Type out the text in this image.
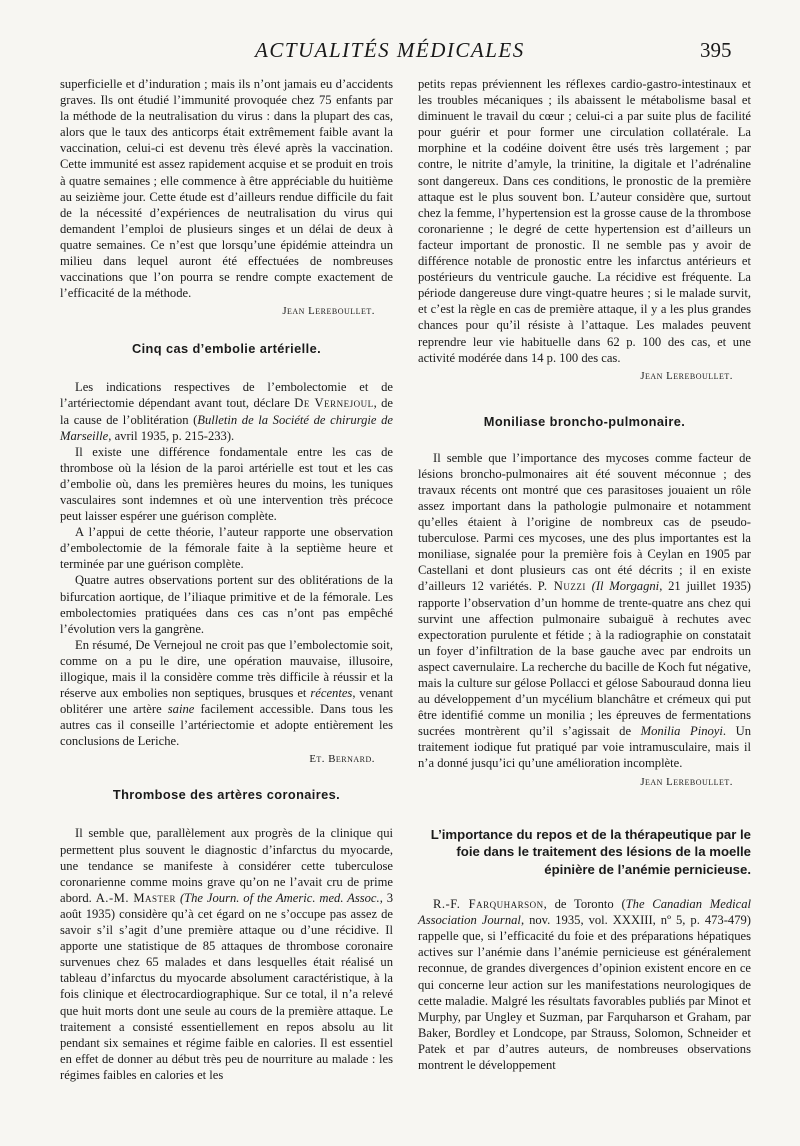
ACTUALITÉS MÉDICALES	395

superficielle et d’induration ; mais ils n’ont jamais eu d’accidents graves. Ils ont étudié l’immunité provoquée chez 75 enfants par la méthode de la neutralisation du virus : dans la plupart des cas, alors que le taux des anticorps était extrêmement faible avant la vaccination, celui-ci est devenu très élevé après la vaccination. Cette immunité est assez rapidement acquise et se produit en trois à quatre semaines ; elle commence à être appréciable du huitième au seizième jour. Cette étude est d’ailleurs rendue difficile du fait de la nécessité d’expériences de neutralisation du virus qui demandent l’emploi de plusieurs singes et un délai de deux à quatre semaines. Ce n’est que lorsqu’une épidémie atteindra un milieu dans lequel auront été effectuées de nombreuses vaccinations que l’on pourra se rendre compte exactement de l’efficacité de la méthode.

Jean Lereboullet.
Cinq cas d’embolie artérielle.

Les indications respectives de l’embolectomie et de l’artériectomie dépendant avant tout, déclare De Vernejoul, de la cause de l’oblitération (Bulletin de la Société de chirurgie de Marseille, avril 1935, p. 215-233).

Il existe une différence fondamentale entre les cas de thrombose où la lésion de la paroi artérielle est tout et les cas d’embolie où, dans les premières heures du moins, les tuniques vasculaires sont indemnes et où une intervention très précoce peut laisser espérer une guérison complète.

A l’appui de cette théorie, l’auteur rapporte une observation d’embolectomie de la fémorale faite à la septième heure et terminée par une guérison complète.

Quatre autres observations portent sur des oblitérations de la bifurcation aortique, de l’iliaque primitive et de la fémorale. Les embolectomies pratiquées dans ces cas n’ont pas empêché l’évolution vers la gangrène.

En résumé, De Vernejoul ne croit pas que l’embolectomie soit, comme on a pu le dire, une opération mauvaise, illusoire, illogique, mais il la considère comme très difficile à réussir et la réserve aux embolies non septiques, brusques et récentes, venant oblitérer une artère saine facilement accessible. Dans tous les autres cas il conseille l’artériectomie et adopte entièrement les conclusions de Leriche.

Et. Bernard.
Thrombose des artères coronaires.

Il semble que, parallèlement aux progrès de la clinique qui permettent plus souvent le diagnostic d’infarctus du myocarde, une tendance se manifeste à considérer cette tuberculose coronarienne comme moins grave qu’on ne l’avait cru de prime abord. A.-M. Master (The Journ. of the Americ. med. Assoc., 3 août 1935) considère qu’à cet égard on ne s’occupe pas assez de savoir s’il s’agit d’une première attaque ou d’une récidive. Il apporte une statistique de 85 attaques de thrombose coronaire survenues chez 65 malades et dans lesquelles était réalisé un tableau d’infarctus du myocarde absolument caractéristique, à la fois clinique et électrocardiographique. Sur ce total, il n’a relevé que huit morts dont une seule au cours de la première attaque. Le traitement a consisté essentiellement en repos absolu au lit pendant six semaines et régime faible en calories. Il est essentiel en effet de donner au début très peu de nourriture au malade : les régimes faibles en calories et les

petits repas préviennent les réflexes cardio-gastro-intestinaux et les troubles mécaniques ; ils abaissent le métabolisme basal et diminuent le travail du cœur ; celui-ci a par suite plus de facilité pour guérir et pour former une circulation collatérale. La morphine et la codéine doivent être usés très largement ; par contre, le nitrite d’amyle, la trinitine, la digitale et l’adrénaline sont dangereux. Dans ces conditions, le pronostic de la première attaque est le plus souvent bon. L’auteur considère que, surtout chez la femme, l’hypertension est la grosse cause de la thrombose coronarienne ; le degré de cette hypertension est d’ailleurs un facteur important de pronostic. Il ne semble pas y avoir de différence notable de pronostic entre les infarctus antérieurs et postérieurs du ventricule gauche. La récidive est fréquente. La période dangereuse dure vingt-quatre heures ; si le malade survit, et c’est la règle en cas de première attaque, il y a les plus grandes chances pour qu’il résiste à l’attaque. Les malades peuvent reprendre leur vie habituelle dans 62 p. 100 des cas, et une activité modérée dans 14 p. 100 des cas.

Jean Lereboullet.
Moniliase broncho-pulmonaire.

Il semble que l’importance des mycoses comme facteur de lésions broncho-pulmonaires ait été souvent méconnue ; des travaux récents ont montré que ces parasitoses jouaient un rôle assez important dans la pathologie pulmonaire et notamment qu’elles étaient à l’origine de nombreux cas de pseudo-tuberculose. Parmi ces mycoses, une des plus importantes est la moniliase, signalée pour la première fois à Ceylan en 1905 par Castellani et dont plusieurs cas ont été décrits ; il en existe d’ailleurs 12 variétés. P. Nuzzi (Il Morgagni, 21 juillet 1935) rapporte l’observation d’un homme de trente-quatre ans chez qui survint une affection pulmonaire subaiguë à rechutes avec expectoration purulente et fétide ; à la radiographie on constatait un foyer d’infiltration de la base gauche avec par endroits un aspect cavernulaire. La recherche du bacille de Koch fut négative, mais la culture sur gélose Pollacci et gélose Sabouraud donna lieu au développement d’un mycélium blanchâtre et crémeux qui put être identifié comme un monilia ; les épreuves de fermentations sucrées montrèrent qu’il s’agissait de Monilia Pinoyi. Un traitement iodique fut pratiqué par voie intramusculaire, mais il n’a donné jusqu’ici qu’une amélioration incomplète.

Jean Lereboullet.
L’importance du repos et de la thérapeutique par le foie dans le traitement des lésions de la moelle épinière de l’anémie pernicieuse.

R.-F. Farquharson, de Toronto (The Canadian Medical Association Journal, nov. 1935, vol. XXXIII, nº 5, p. 473-479) rappelle que, si l’efficacité du foie et des préparations hépatiques actives sur l’anémie dans l’anémie pernicieuse est généralement reconnue, de grandes divergences d’opinion existent encore en ce qui concerne leur action sur les manifestations neurologiques de cette maladie. Malgré les résultats favorables publiés par Minot et Murphy, par Ungley et Suzman, par Farquharson et Graham, par Baker, Bordley et Londcope, par Strauss, Solomon, Schneider et Patek et par d’autres auteurs, de nombreuses observations montrent le développement
